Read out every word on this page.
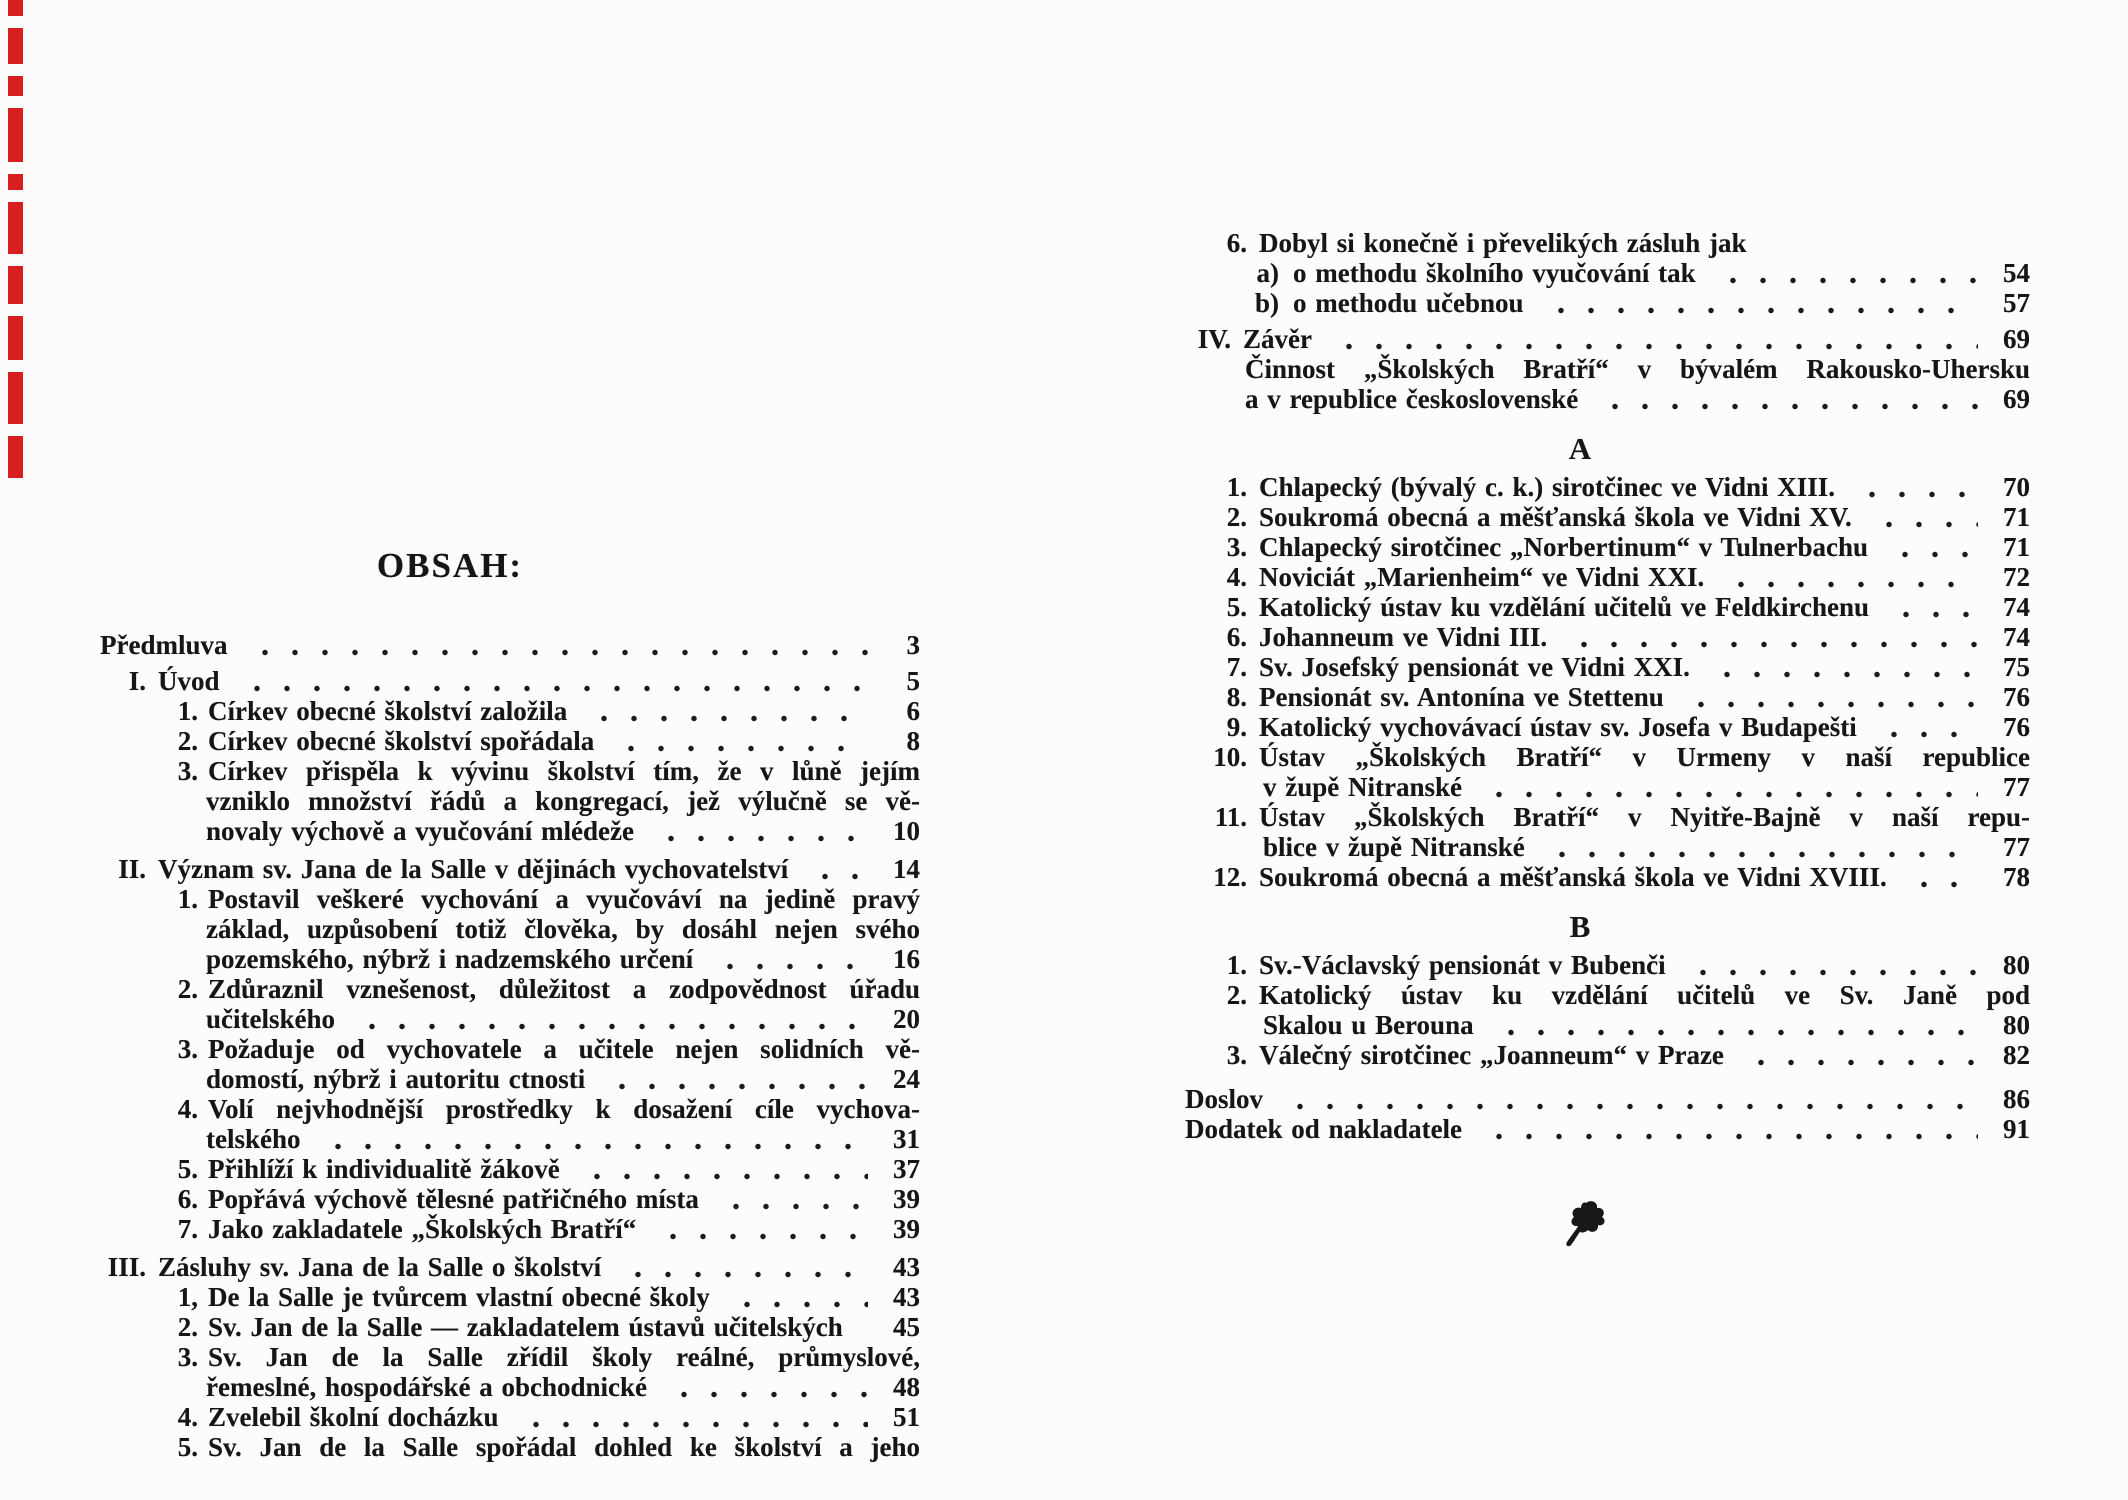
OBSAH:
Předmluva	3
I. Úvod	5
1. Církev obecné školství založila	6
2. Církev obecné školství spořádala	8
3. Církev přispěla k vývinu školství tím, že v lůně jejím
vzniklo množství řádů a kongregací, jež výlučně se vě-
novaly výchově a vyučování mlédeže	10
II. Význam sv. Jana de la Salle v dějinách vychovatelství	14
1. Postavil veškeré vychování a vyučováví na jedině pravý
základ, uzpůsobení totiž člověka, by dosáhl nejen svého
pozemského, nýbrž i nadzemského určení	16
2. Zdůraznil vznešenost, důležitost a zodpovědnost úřadu
učitelského	20
3. Požaduje od vychovatele a učitele nejen solidních vě-
domostí, nýbrž i autoritu ctnosti	24
4. Volí nejvhodnější prostředky k dosažení cíle vychova-
telského	31
5. Přihlíží k individualitě žákově	37
6. Popřává výchově tělesné patřičného místa	39
7. Jako zakladatele „Školských Bratří“	39
III. Zásluhy sv. Jana de la Salle o školství	43
1, De la Salle je tvůrcem vlastní obecné školy	43
2. Sv. Jan de la Salle — zakladatelem ústavů učitelských	45
3. Sv. Jan de la Salle zřídil školy reálné, průmyslové,
řemeslné, hospodářské a obchodnické	48
4. Zvelebil školní docházku	51
5. Sv. Jan de la Salle spořádal dohled ke školství a jeho
6. Dobyl si konečně i převelikých zásluh jak
a) o methodu školního vyučování tak	54
b) o methodu učebnou	57
IV. Závěr	69
Činnost „Školských Bratří“ v bývalém Rakousko-Uhersku
a v republice československé	69
A
1. Chlapecký (bývalý c. k.) sirotčinec ve Vidni XIII.	70
2. Soukromá obecná a měšťanská škola ve Vidni XV.	71
3. Chlapecký sirotčinec „Norbertinum“ v Tulnerbachu	71
4. Noviciát „Marienheim“ ve Vidni XXI.	72
5. Katolický ústav ku vzdělání učitelů ve Feldkirchenu	74
6. Johanneum ve Vidni III.	74
7. Sv. Josefský pensionát ve Vidni XXI.	75
8. Pensionát sv. Antonína ve Stettenu	76
9. Katolický vychovávací ústav sv. Josefa v Budapešti	76
10. Ústav „Školských Bratří“ v Urmeny v naší republice
v župě Nitranské	77
11. Ústav „Školských Bratří“ v Nyitře-Bajně v naší repu-
blice v župě Nitranské	77
12. Soukromá obecná a měšťanská škola ve Vidni XVIII.	78
B
1. Sv.-Václavský pensionát v Bubenči	80
2. Katolický ústav ku vzdělání učitelů ve Sv. Janě pod
Skalou u Berouna	80
3. Válečný sirotčinec „Joanneum“ v Praze	82
Doslov	86
Dodatek od nakladatele	91
